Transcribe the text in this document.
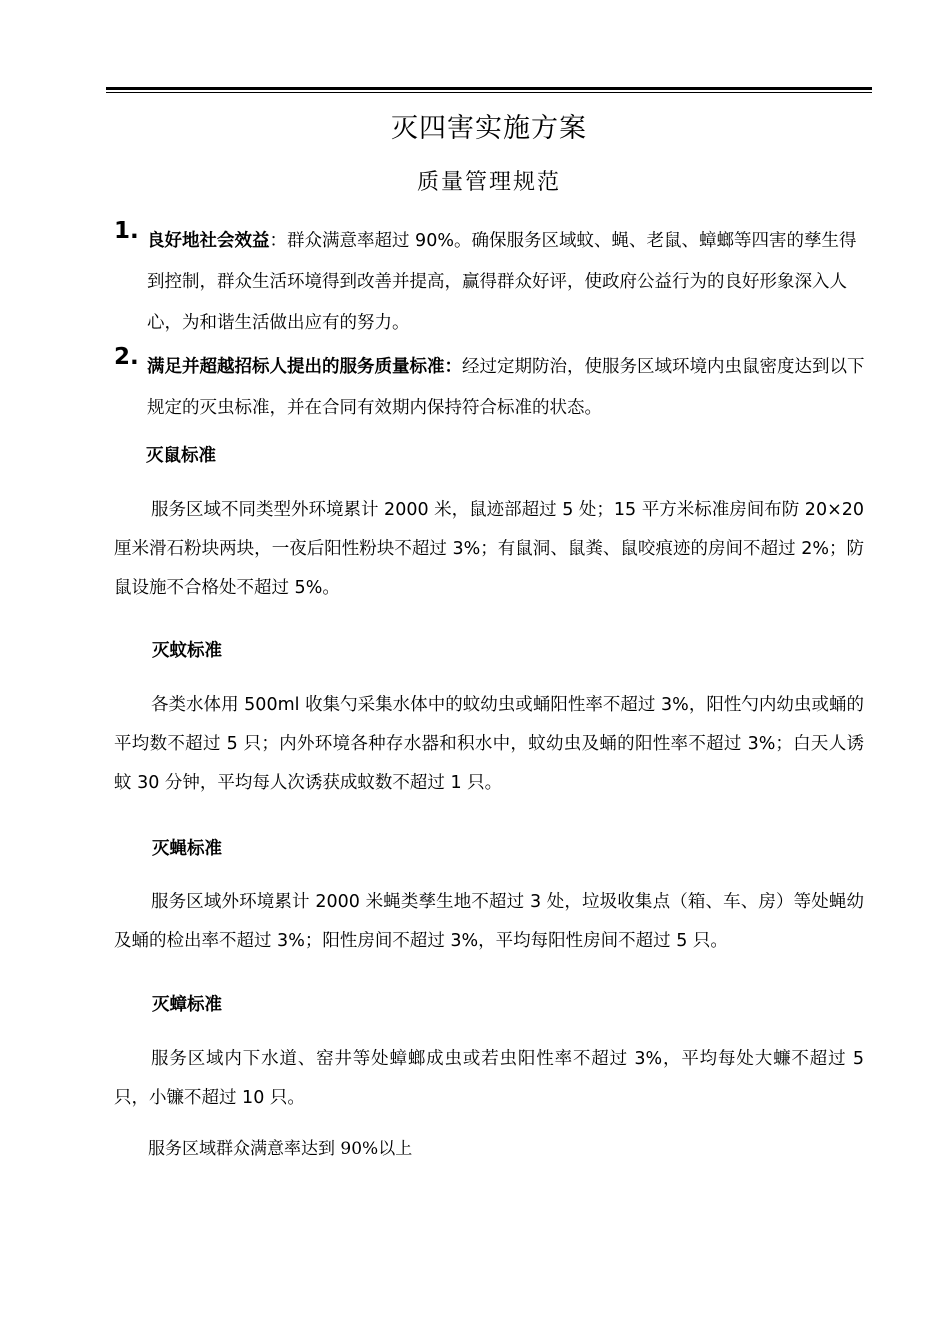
灭四害实施方案
质量管理规范
1. 良好地社会效益：群众满意率超过 90%。确保服务区域蚊、蝇、老鼠、蟑螂等四害的孳生得到控制，群众生活环境得到改善并提高，赢得群众好评，使政府公益行为的良好形象深入人心，为和谐生活做出应有的努力。
2. 满足并超越招标人提出的服务质量标准：经过定期防治，使服务区域环境内虫鼠密度达到以下规定的灭虫标准，并在合同有效期内保持符合标准的状态。
灭鼠标准
服务区域不同类型外环境累计 2000 米，鼠迹部超过 5 处；15 平方米标准房间布防 20×20 厘米滑石粉块两块，一夜后阳性粉块不超过 3%；有鼠洞、鼠粪、鼠咬痕迹的房间不超过 2%；防鼠设施不合格处不超过 5%。
灭蚊标准
各类水体用 500ml 收集勺采集水体中的蚊幼虫或蛹阳性率不超过 3%，阳性勺内幼虫或蛹的平均数不超过 5 只；内外环境各种存水器和积水中，蚊幼虫及蛹的阳性率不超过 3%；白天人诱蚊 30 分钟，平均每人次诱获成蚊数不超过 1 只。
灭蝇标准
服务区域外环境累计 2000 米蝇类孳生地不超过 3 处，垃圾收集点（箱、车、房）等处蝇幼及蛹的检出率不超过 3%；阳性房间不超过 3%，平均每阳性房间不超过 5 只。
灭蟑标准
服务区域内下水道、窑井等处蟑螂成虫或若虫阳性率不超过 3%，平均每处大蠊不超过 5 只，小镰不超过 10 只。
服务区域群众满意率达到 90%以上
